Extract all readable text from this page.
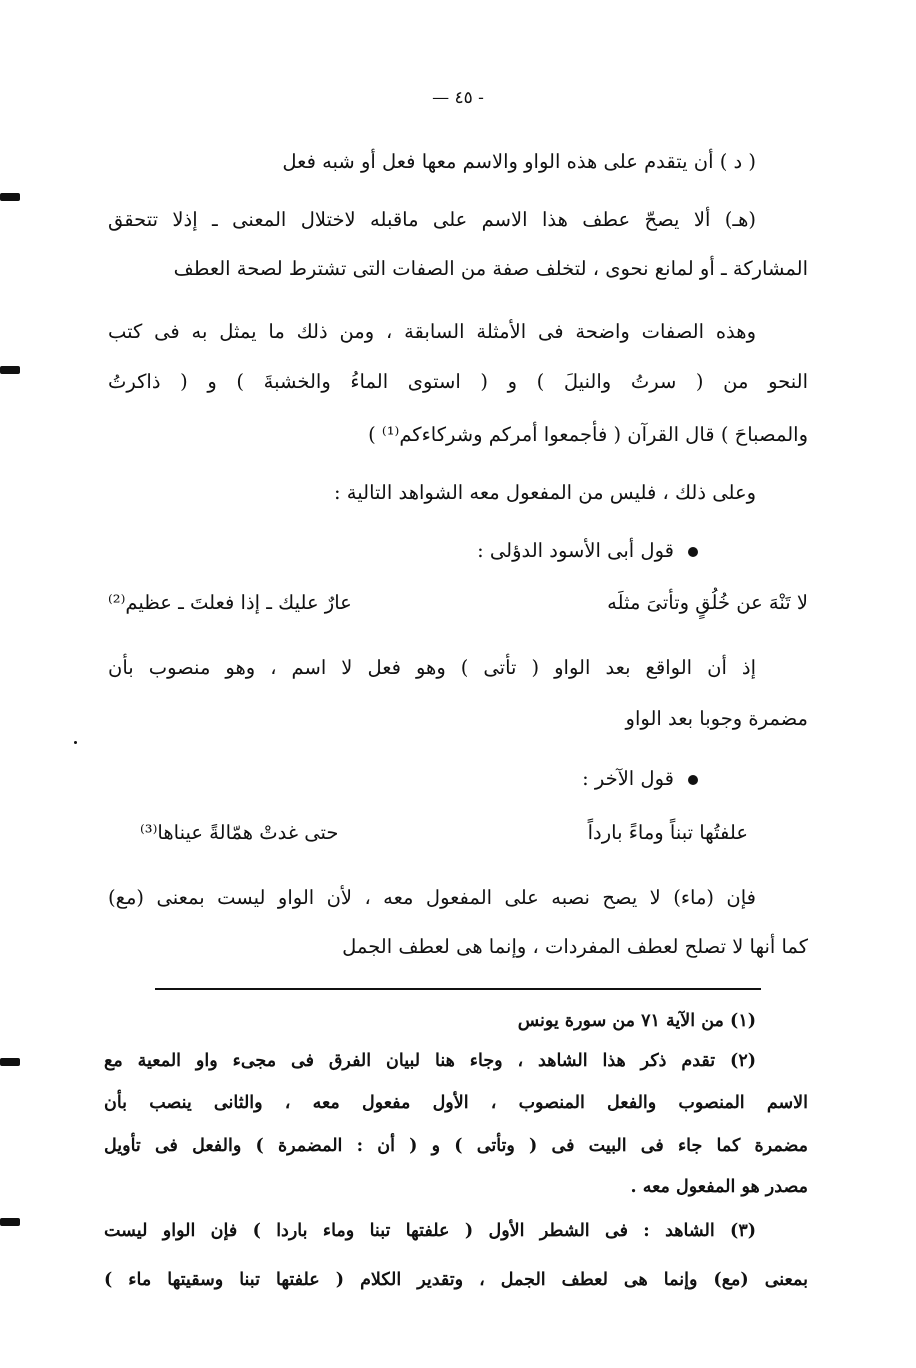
— ٤٥ -
( د ) أن يتقدم على هذه الواو والاسم معها فعل أو شبه فعل
(هـ) ألا يصحّ عطف هذا الاسم على ماقبله لاختلال المعنى ـ إذلا تتحقق
المشاركة ـ أو لمانع نحوى ، لتخلف صفة من الصفات التى تشترط لصحة العطف
وهذه الصفات واضحة فى الأمثلة السابقة ، ومن ذلك ما يمثل به فى كتب
النحو من ( سرتُ والنيلَ ) و ( استوى الماءُ والخشبةَ ) و ( ذاكرتُ
والمصباحَ ) قال القرآن ( فأجمعوا أمركم وشركاءكم⁽¹⁾ )
وعلى ذلك ، فليس من المفعول معه الشواهد التالية :
قول أبى الأسود الدؤلى :
لا تَنْهَ عن خُلُقٍ وتأتىَ مثلَه
عارٌ عليك ـ إذا فعلتَ ـ عظيم⁽²⁾
إذ أن الواقع بعد الواو ( تأتى ) وهو فعل لا اسم ، وهو منصوب بأن
مضمرة وجوبا بعد الواو
قول الآخر :
علفتُها تبناً وماءً بارداً
حتى غدتْ همّالةً عيناها⁽³⁾
فإن (ماء) لا يصح نصبه على المفعول معه ، لأن الواو ليست بمعنى (مع)
كما أنها لا تصلح لعطف المفردات ، وإنما هى لعطف الجمل
(١) من الآية ٧١ من سورة يونس
(٢) تقدم ذكر هذا الشاهد ، وجاء هنا لبيان الفرق فى مجىء واو المعية مع
الاسم المنصوب والفعل المنصوب ، الأول مفعول معه ، والثانى ينصب بأن
مضمرة كما جاء فى البيت فى ( وتأتى ) و ( أن : المضمرة ) والفعل فى تأويل
مصدر هو المفعول معه .
(٣) الشاهد : فى الشطر الأول ( علفتها تبنا وماء باردا ) فإن الواو ليست
بمعنى (مع) وإنما هى لعطف الجمل ، وتقدير الكلام ( علفتها تبنا وسقيتها ماء )
